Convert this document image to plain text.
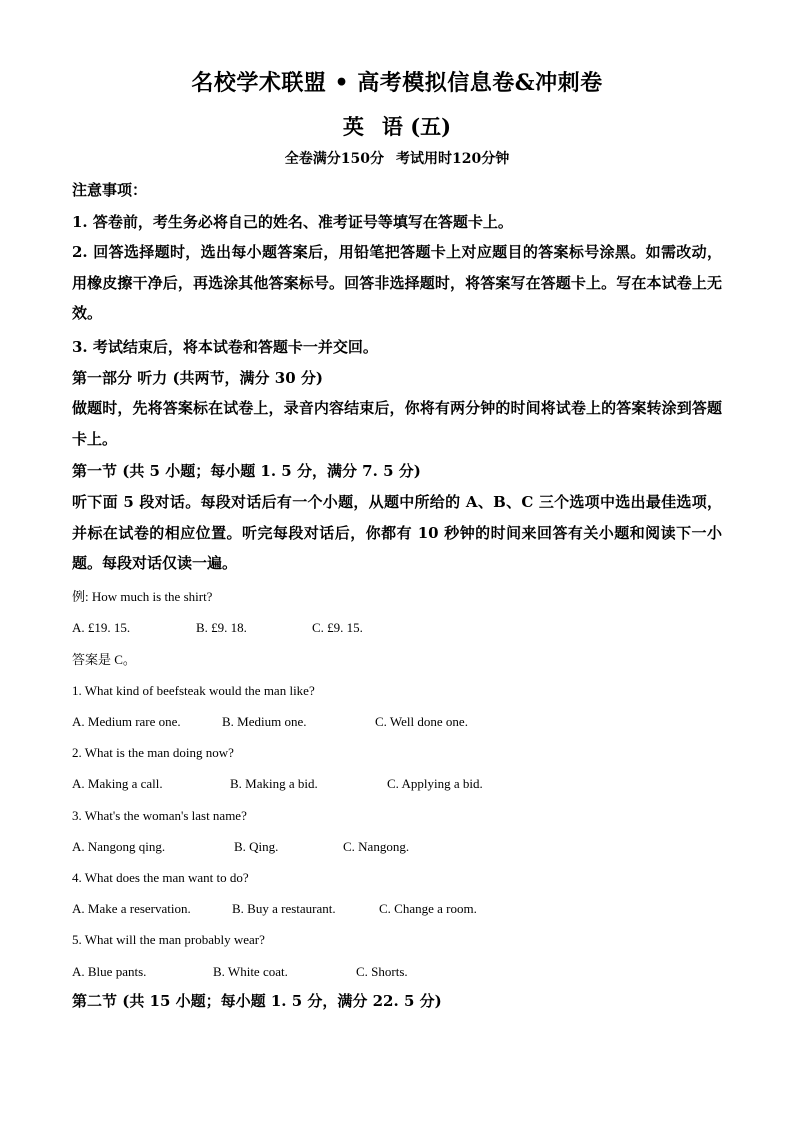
名校学术联盟 • 高考模拟信息卷&冲刺卷
英 语 (五)
全卷满分150分 考试用时120分钟
注意事项：
1. 答卷前，考生务必将自己的姓名、准考证号等填写在答题卡上。
2. 回答选择题时，选出每小题答案后，用铅笔把答题卡上对应题目的答案标号涂黑。如需改动，用橡皮擦干净后，再选涂其他答案标号。回答非选择题时，将答案写在答题卡上。写在本试卷上无效。
3. 考试结束后，将本试卷和答题卡一并交回。
第一部分 听力 (共两节，满分 30 分)
做题时，先将答案标在试卷上，录音内容结束后，你将有两分钟的时间将试卷上的答案转涂到答题卡上。
第一节 (共 5 小题；每小题 1. 5 分，满分 7. 5 分)
听下面 5 段对话。每段对话后有一个小题，从题中所给的 A、B、C 三个选项中选出最佳选项，并标在试卷的相应位置。听完每段对话后，你都有 10 秒钟的时间来回答有关小题和阅读下一小题。每段对话仅读一遍。
例: How much is the shirt?
A. £19. 15.	B. £9. 18.	C. £9. 15.
答案是 C。
1. What kind of beefsteak would the man like?
A. Medium rare one.	B. Medium one.	C. Well done one.
2. What is the man doing now?
A. Making a call.	B. Making a bid.	C. Applying a bid.
3. What's the woman's last name?
A. Nangong qing.	B. Qing.	C. Nangong.
4. What does the man want to do?
A. Make a reservation.	B. Buy a restaurant.	C. Change a room.
5. What will the man probably wear?
A. Blue pants.	B. White coat.	C. Shorts.
第二节 (共 15 小题；每小题 1. 5 分，满分 22. 5 分)
